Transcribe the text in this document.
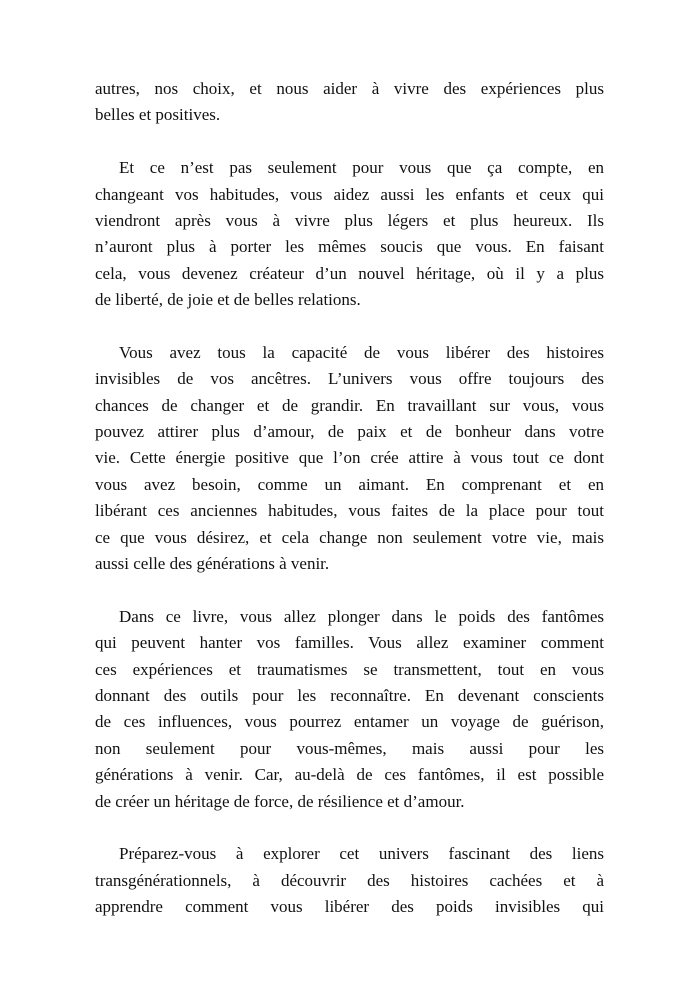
autres, nos choix, et nous aider à vivre des expériences plus
belles et positives.
Et ce n’est pas seulement pour vous que ça compte, en
changeant vos habitudes, vous aidez aussi les enfants et ceux qui
viendront après vous à vivre plus légers et plus heureux. Ils
n’auront plus à porter les mêmes soucis que vous. En faisant
cela, vous devenez créateur d’un nouvel héritage, où il y a plus
de liberté, de joie et de belles relations.
Vous avez tous la capacité de vous libérer des histoires
invisibles de vos ancêtres. L’univers vous offre toujours des
chances de changer et de grandir. En travaillant sur vous, vous
pouvez attirer plus d’amour, de paix et de bonheur dans votre
vie. Cette énergie positive que l’on crée attire à vous tout ce dont
vous avez besoin, comme un aimant. En comprenant et en
libérant ces anciennes habitudes, vous faites de la place pour tout
ce que vous désirez, et cela change non seulement votre vie, mais
aussi celle des générations à venir.
Dans ce livre, vous allez plonger dans le poids des fantômes
qui peuvent hanter vos familles. Vous allez examiner comment
ces expériences et traumatismes se transmettent, tout en vous
donnant des outils pour les reconnaître. En devenant conscients
de ces influences, vous pourrez entamer un voyage de guérison,
non seulement pour vous-mêmes, mais aussi pour les
générations à venir. Car, au-delà de ces fantômes, il est possible
de créer un héritage de force, de résilience et d’amour.
Préparez-vous à explorer cet univers fascinant des liens
transgénérationnels, à découvrir des histoires cachées et à
apprendre comment vous libérer des poids invisibles qui
